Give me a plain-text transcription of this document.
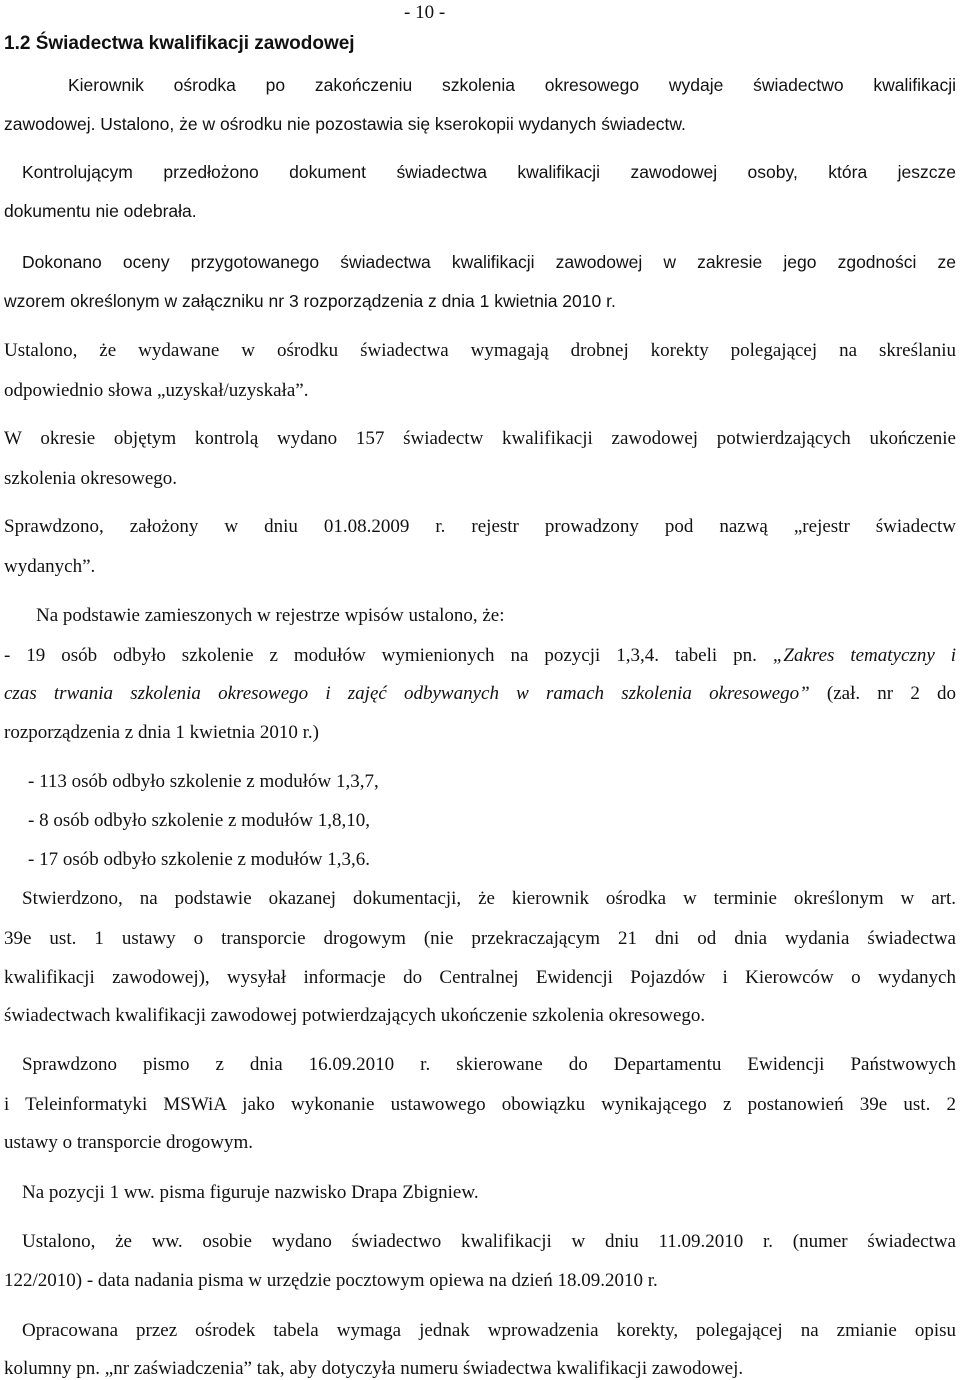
- 10 -
1.2 Świadectwa kwalifikacji zawodowej
Kierownik ośrodka po zakończeniu szkolenia okresowego wydaje świadectwo kwalifikacji
zawodowej. Ustalono, że w ośrodku nie pozostawia się kserokopii wydanych świadectw.
Kontrolującym przedłożono dokument świadectwa kwalifikacji zawodowej osoby, która jeszcze
dokumentu nie odebrała.
Dokonano oceny przygotowanego świadectwa kwalifikacji zawodowej w zakresie jego zgodności ze
wzorem określonym w załączniku nr 3 rozporządzenia z dnia 1 kwietnia 2010 r.
Ustalono, że wydawane w ośrodku świadectwa wymagają drobnej korekty polegającej na skreślaniu
odpowiednio słowa „uzyskał/uzyskała”.
W okresie objętym kontrolą wydano 157 świadectw kwalifikacji zawodowej potwierdzających ukończenie
szkolenia okresowego.
Sprawdzono, założony w dniu 01.08.2009 r. rejestr prowadzony pod nazwą „rejestr świadectw
wydanych”.
Na podstawie zamieszonych w rejestrze wpisów ustalono, że:
- 19 osób odbyło szkolenie z modułów wymienionych na pozycji 1,3,4. tabeli pn. „Zakres tematyczny i
czas trwania szkolenia okresowego i zajęć odbywanych w ramach szkolenia okresowego” (zał. nr 2 do
rozporządzenia z dnia 1 kwietnia 2010 r.)
- 113 osób odbyło szkolenie z modułów 1,3,7,
- 8 osób odbyło szkolenie z modułów 1,8,10,
- 17 osób odbyło szkolenie z modułów 1,3,6.
Stwierdzono, na podstawie okazanej dokumentacji, że kierownik ośrodka w terminie określonym w art.
39e ust. 1 ustawy o transporcie drogowym (nie przekraczającym 21 dni od dnia wydania świadectwa
kwalifikacji zawodowej), wysyłał informacje do Centralnej Ewidencji Pojazdów i Kierowców o wydanych
świadectwach kwalifikacji zawodowej potwierdzających ukończenie szkolenia okresowego.
Sprawdzono pismo z dnia 16.09.2010 r. skierowane do Departamentu Ewidencji Państwowych
i Teleinformatyki MSWiA jako wykonanie ustawowego obowiązku wynikającego z postanowień 39e ust. 2
ustawy o transporcie drogowym.
Na pozycji 1 ww. pisma figuruje nazwisko Drapa Zbigniew.
Ustalono, że ww. osobie wydano świadectwo kwalifikacji w dniu 11.09.2010 r. (numer świadectwa
122/2010) - data nadania pisma w urzędzie pocztowym opiewa na dzień 18.09.2010 r.
Opracowana przez ośrodek tabela wymaga jednak wprowadzenia korekty, polegającej na zmianie opisu
kolumny pn. „nr zaświadczenia” tak, aby dotyczyła numeru świadectwa kwalifikacji zawodowej.
